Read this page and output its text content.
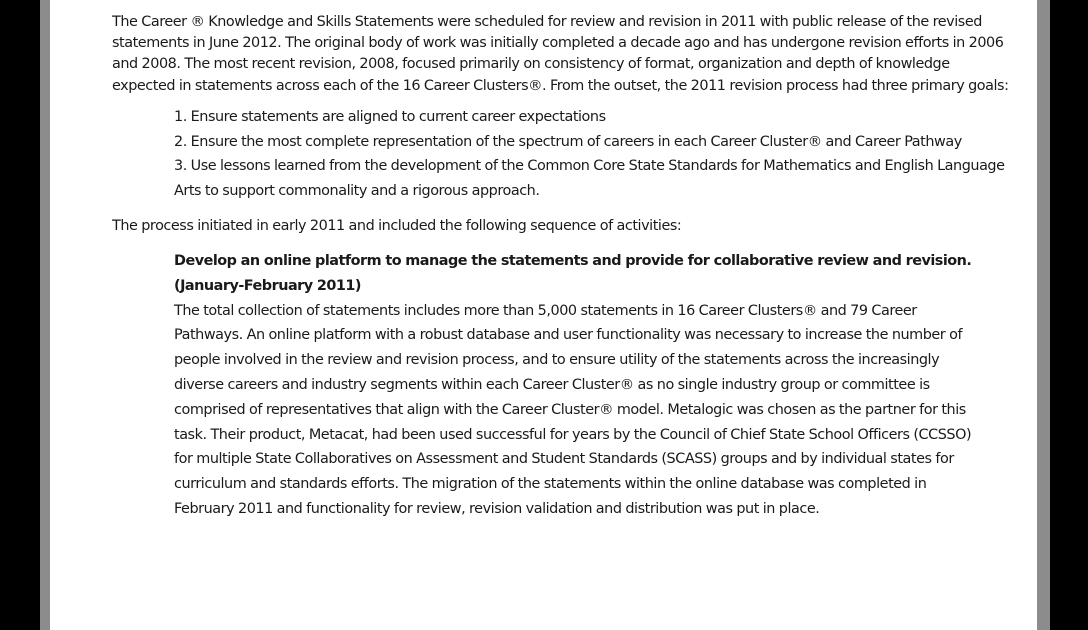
The Career ® Knowledge and Skills Statements were scheduled for review and revision in 2011 with public release of the revised statements in June 2012. The original body of work was initially completed a decade ago and has undergone revision efforts in 2006 and 2008. The most recent revision, 2008, focused primarily on consistency of format, organization and depth of knowledge expected in statements across each of the 16 Career Clusters®. From the outset, the 2011 revision process had three primary goals:

1. Ensure statements are aligned to current career expectations
2. Ensure the most complete representation of the spectrum of careers in each Career Cluster® and Career Pathway
3. Use lessons learned from the development of the Common Core State Standards for Mathematics and English Language Arts to support commonality and a rigorous approach.

The process initiated in early 2011 and included the following sequence of activities:

Develop an online platform to manage the statements and provide for collaborative review and revision. (January-February 2011)

The total collection of statements includes more than 5,000 statements in 16 Career Clusters® and 79 Career Pathways. An online platform with a robust database and user functionality was necessary to increase the number of people involved in the review and revision process, and to ensure utility of the statements across the increasingly diverse careers and industry segments within each Career Cluster® as no single industry group or committee is comprised of representatives that align with the Career Cluster® model. Metalogic was chosen as the partner for this task. Their product, Metacat, had been used successful for years by the Council of Chief State School Officers (CCSSO) for multiple State Collaboratives on Assessment and Student Standards (SCASS) groups and by individual states for curriculum and standards efforts. The migration of the statements within the online database was completed in February 2011 and functionality for review, revision validation and distribution was put in place.
